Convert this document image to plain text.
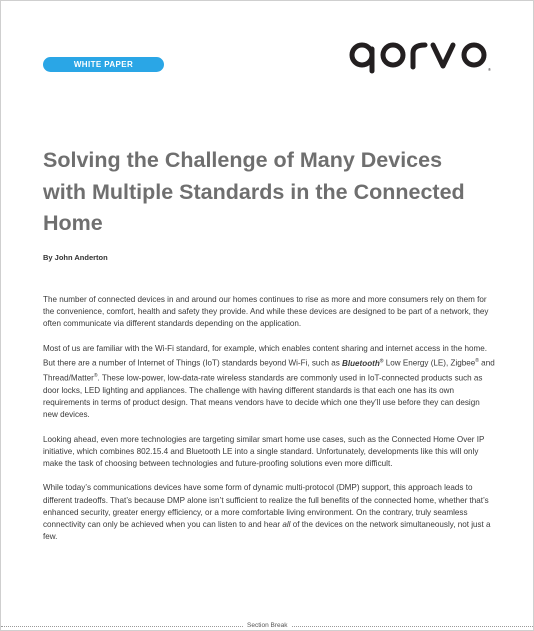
WHITE PAPER
®
Solving the Challenge of Many Devices with Multiple Standards in the Connected Home

By John Anderton

The number of connected devices in and around our homes continues to rise as more and more consumers rely on them for the convenience, comfort, health and safety they provide. And while these devices are designed to be part of a network, they often communicate via different standards depending on the application.

Most of us are familiar with the Wi-Fi standard, for example, which enables content sharing and internet access in the home. But there are a number of Internet of Things (IoT) standards beyond Wi-Fi, such as Bluetooth® Low Energy (LE), Zigbee® and Thread/Matter®. These low-power, low-data-rate wireless standards are commonly used in IoT-connected products such as door locks, LED lighting and appliances. The challenge with having different standards is that each one has its own requirements in terms of product design. That means vendors have to decide which one they’ll use before they can design new devices.

Looking ahead, even more technologies are targeting similar smart home use cases, such as the Connected Home Over IP initiative, which combines 802.15.4 and Bluetooth LE into a single standard. Unfortunately, developments like this will only make the task of choosing between technologies and future-proofing solutions even more difficult.

While today’s communications devices have some form of dynamic multi-protocol (DMP) support, this approach leads to different tradeoffs. That’s because DMP alone isn’t sufficient to realize the full benefits of the connected home, whether that’s enhanced security, greater energy efficiency, or a more comfortable living environment. On the contrary, truly seamless connectivity can only be achieved when you can listen to and hear all of the devices on the network simultaneously, not just a few.

Section Break
